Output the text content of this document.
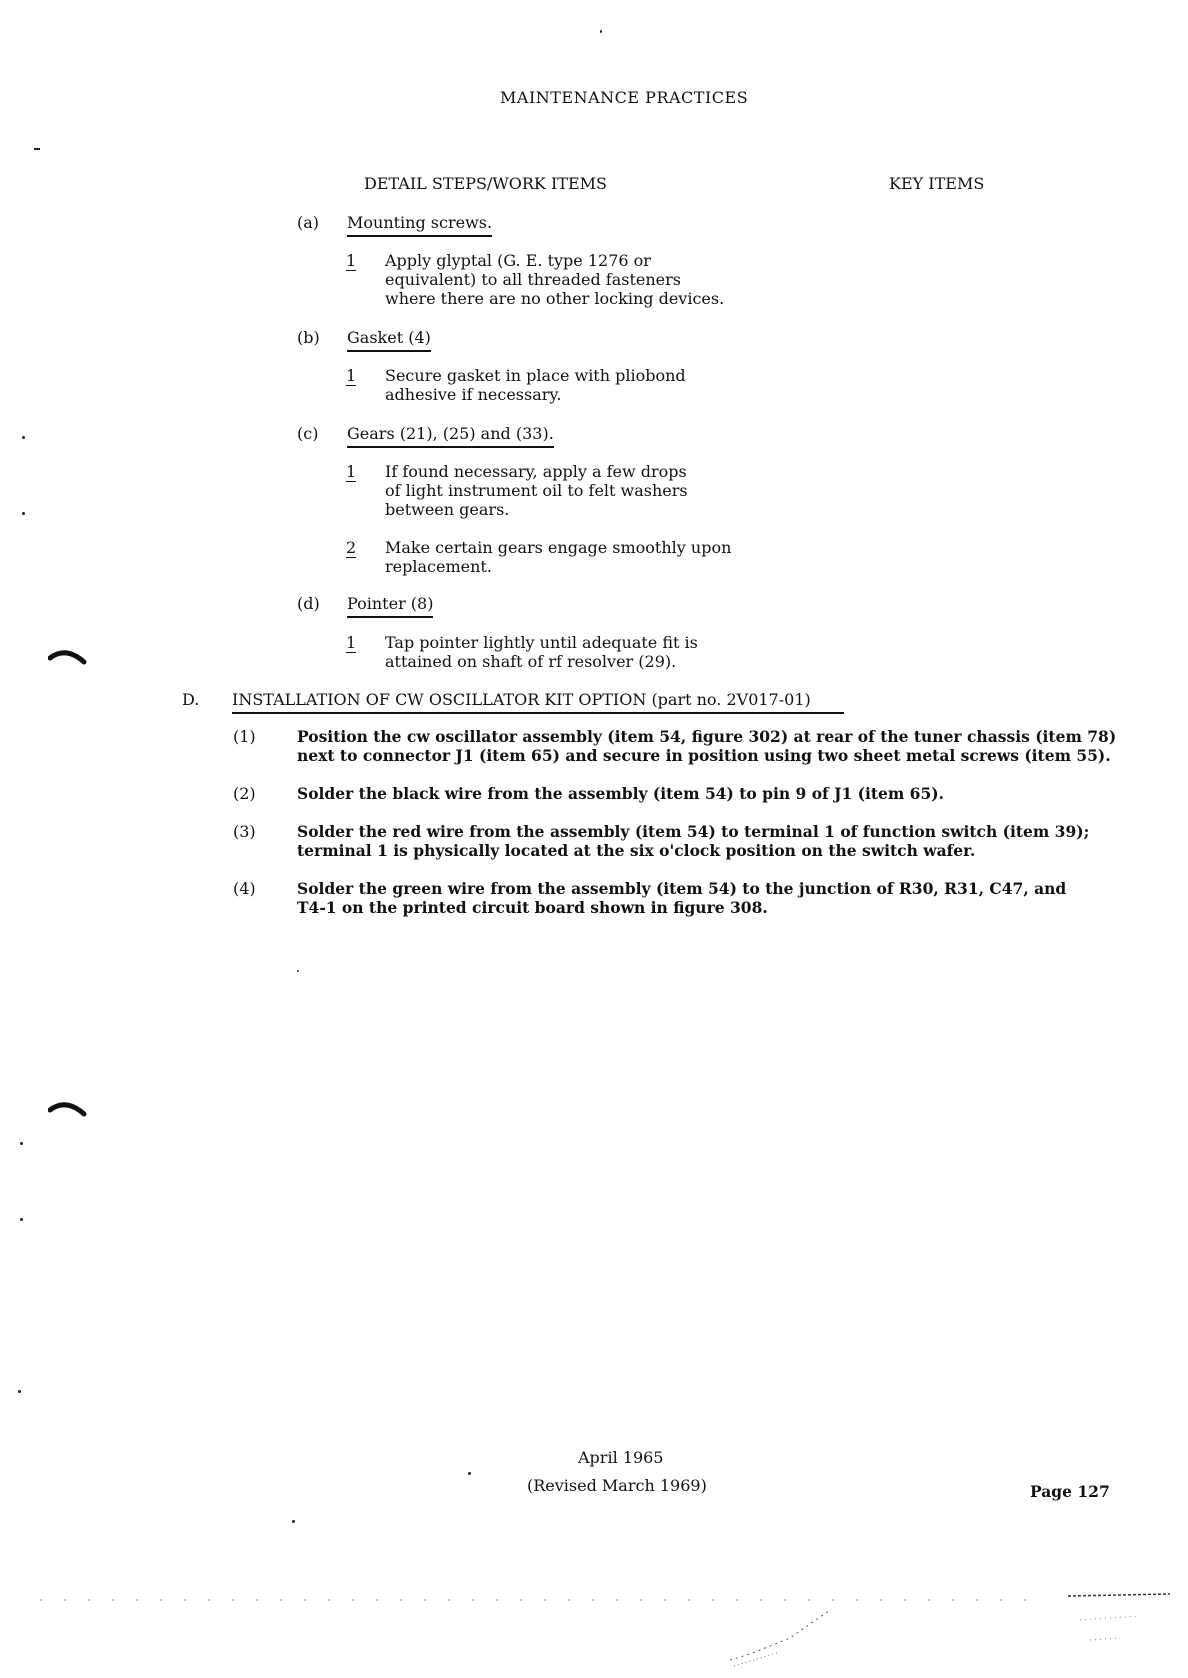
MAINTENANCE PRACTICES
DETAIL STEPS/WORK ITEMS	KEY ITEMS
(a) Mounting screws.
1 Apply glyptal (G. E. type 1276 or
equivalent) to all threaded fasteners
where there are no other locking devices.
(b) Gasket (4)
1 Secure gasket in place with pliobond
adhesive if necessary.
(c) Gears (21), (25) and (33).
1 If found necessary, apply a few drops
of light instrument oil to felt washers
between gears.
2 Make certain gears engage smoothly upon
replacement.
(d) Pointer (8)
1 Tap pointer lightly until adequate fit is
attained on shaft of rf resolver (29).
D. INSTALLATION OF CW OSCILLATOR KIT OPTION (part no. 2V017-01)
(1)	Position the cw oscillator assembly (item 54, figure 302) at rear of the tuner chassis (item 78)
next to connector J1 (item 65) and secure in position using two sheet metal screws (item 55).
(2)	Solder the black wire from the assembly (item 54) to pin 9 of J1 (item 65).
(3)	Solder the red wire from the assembly (item 54) to terminal 1 of function switch (item 39);
terminal 1 is physically located at the six o'clock position on the switch wafer.
(4)	Solder the green wire from the assembly (item 54) to the junction of R30, R31, C47, and
T4-1 on the printed circuit board shown in figure 308.
April 1965
(Revised March 1969)	Page 127
